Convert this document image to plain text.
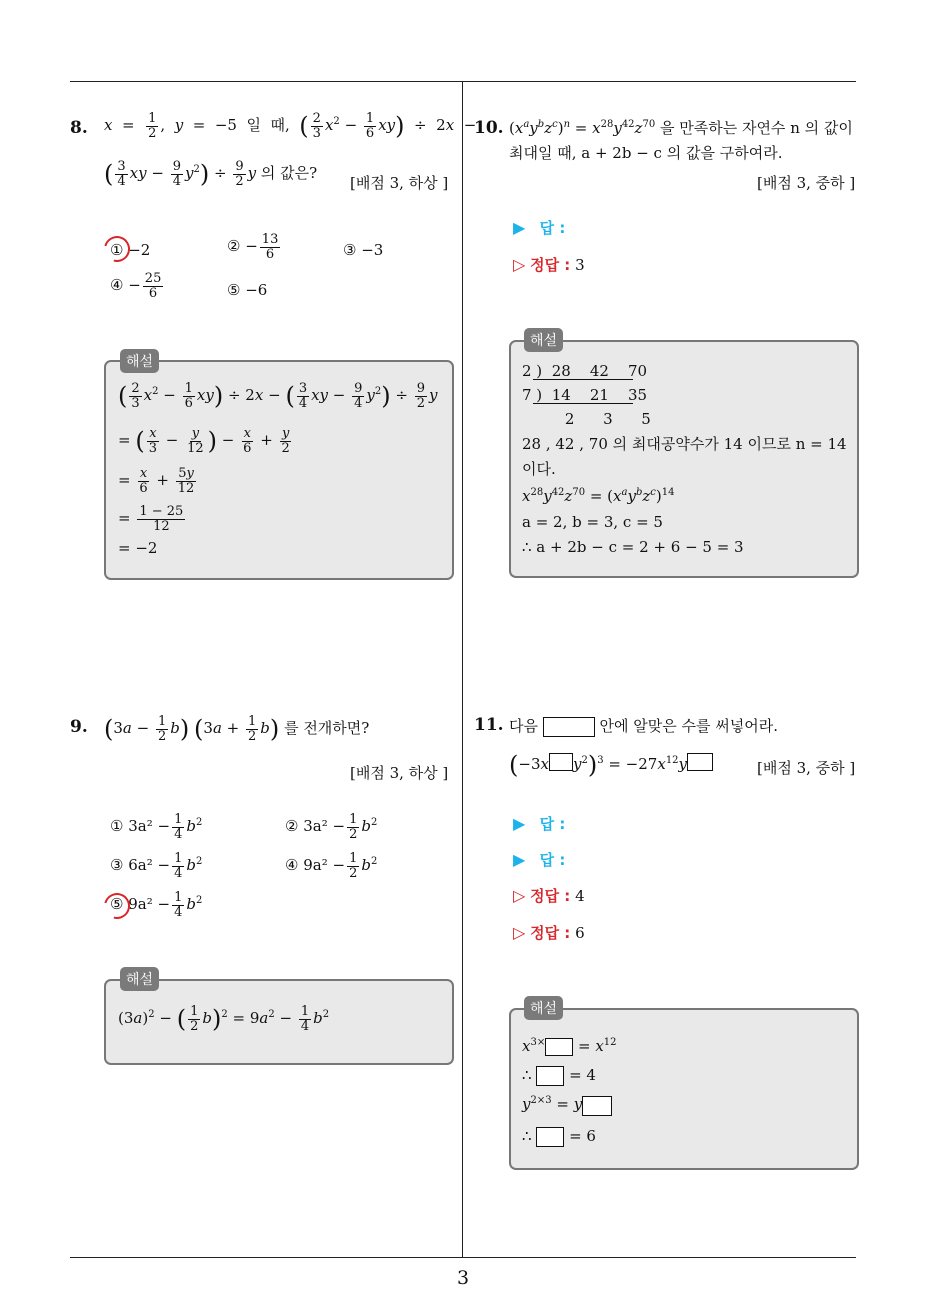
3
8. $x = \frac{1}{2}$ ,  y  =  −5  일  때,  ( $\frac{2}{3} x^2 - \frac{1}{6} xy) \div 2x$  −
( $\frac{3}{4}$ xy − $\frac{9}{4} y^2) \div \frac{9}{2}$ y 의 값은?
[배점 3, 하상 ]
① −2	② − $\frac{13}{6}$	③ −3
④ − $\frac{25}{6}$	⑤ −6
해설
( $\frac{2}{3} x^2 - \frac{1}{6} xy) \div 2x$ − ( $\frac{3}{4}$ xy − $\frac{9}{4} y^2) \div \frac{9}{2}$ y
= ( $\frac{x}{3} - \frac{y}{12}$ ) − $\frac{x}{6} + \frac{y}{2}$
= $\frac{x}{6} + \frac{5y}{12}$
= $\frac{1 - 25}{12}$
= −2
9. $(3a - \frac{1}{2} b)$ $(3a + \frac{1}{2} b)$ 를 전개하면?
[배점 3, 하상 ]
① $3a^2 - \frac{1}{4} b^2$	② $3a^2 - \frac{1}{2} b^2$
③ $6a^2 - \frac{1}{4} b^2$	④ $9a^2 - \frac{1}{2} b^2$
⑤ $9a^2 - \frac{1}{4} b^2$
해설
$(3a)^2$ − ( $\frac{1}{2} b)^2 = 9a^2 - \frac{1}{4} b^2$
10. $(x^ay^bz^c)^n = x^{28}y^{42}z^{70}$ 을 만족하는 자연수 n 의 값이
최대일 때, a + 2b − c 의 값을 구하여라.
[배점 3, 중하 ]
▶ 답 :
▷ 정답 : 3
해설
2 )  28    42    70
7 )  14    21    35
2      3      5
28 , 42 , 70 의 최대공약수가 14 이므로 n = 14
이다.
$x^{28}y^{42}z^{70} = (x^ay^bz^c)^{14}$
a = 2, b = 3, c = 5
∴ a + 2b − c = 2 + 6 − 5 = 3
11. 다음	안에 알맞은 수를 써넣어라.
(−3x $y^2)^3 = -27x^{12}y$	[배점 3, 중하 ]
▶ 답 :
▶ 답 :
▷ 정답 : 4
▷ 정답 : 6
해설
$x^{3\times} = x^{12}$
∴  = 4
$y^{2\times 3} = y$
∴  = 6
